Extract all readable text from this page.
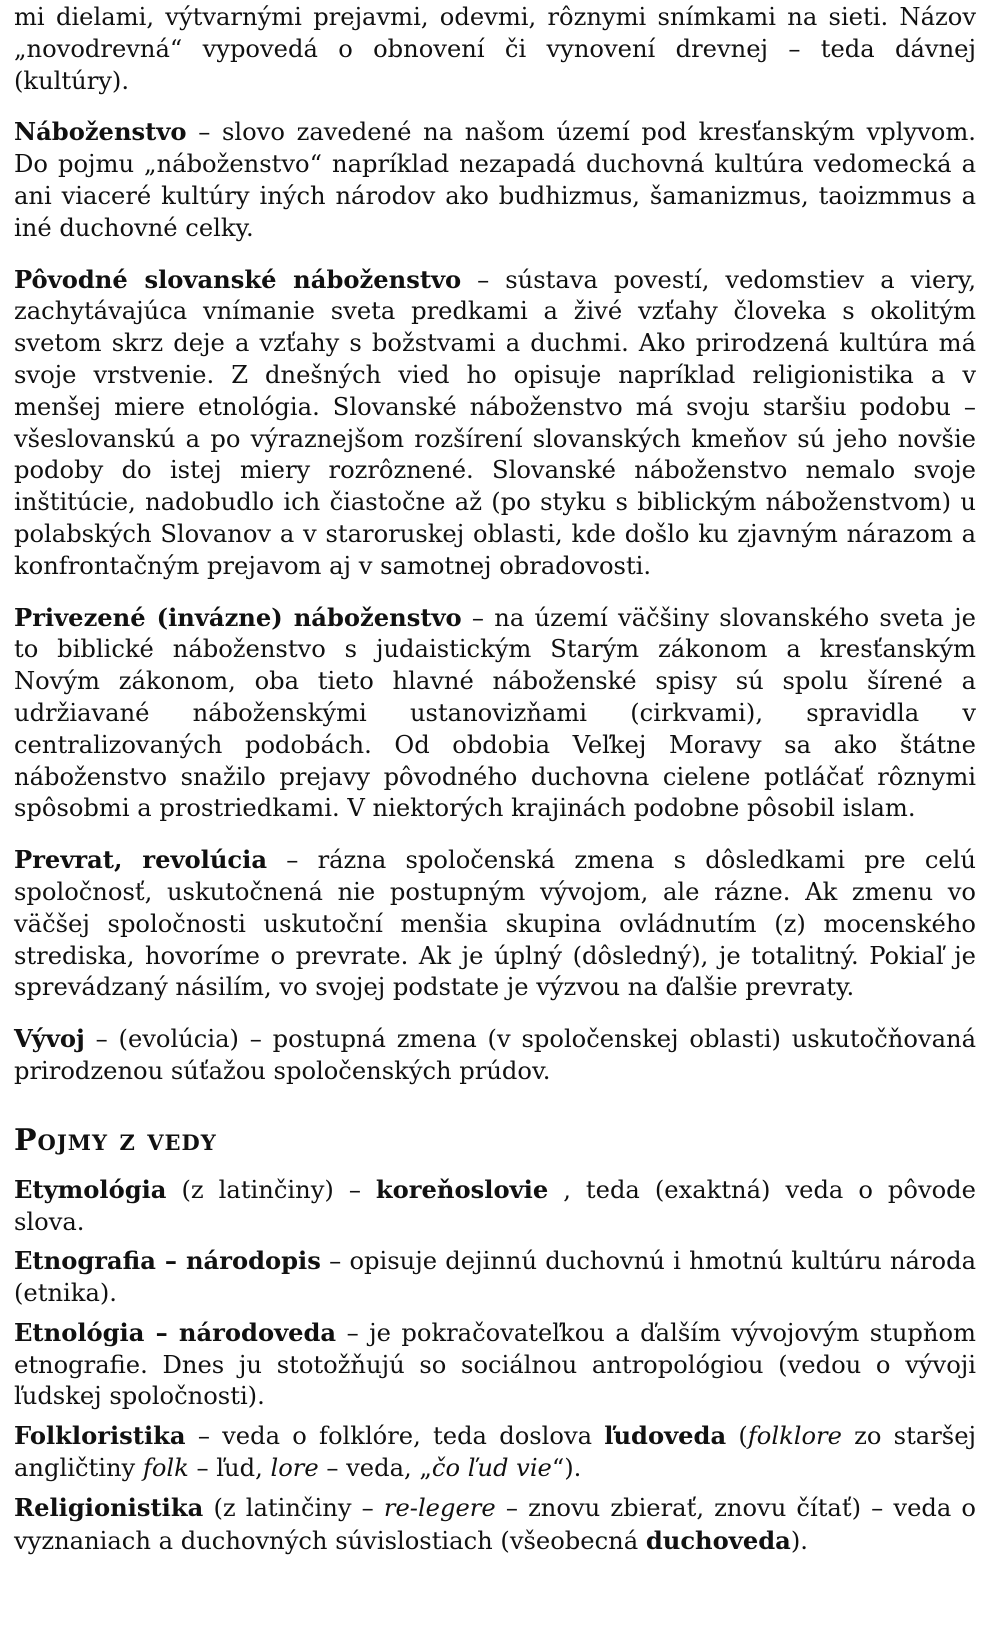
mi dielami, výtvarnými prejavmi, odevmi, rôznymi snímkami na sieti. Názov „novodrevná“ vypovedá o obnovení či vynovení drevnej – teda dávnej (kultúry).

Náboženstvo – slovo zavedené na našom území pod kresťanským vplyvom. Do pojmu „náboženstvo“ napríklad nezapadá duchovná kultúra vedomecká a ani viaceré kultúry iných národov ako budhizmus, šamanizmus, taoizmmus a iné duchovné celky.

Pôvodné slovanské náboženstvo – sústava povestí, vedomstiev a viery, zachytávajúca vnímanie sveta predkami a živé vzťahy človeka s okolitým svetom skrz deje a vzťahy s božstvami a duchmi. Ako prirodzená kultúra má svoje vrstvenie. Z dnešných vied ho opisuje napríklad religionistika a v menšej miere etnológia. Slovanské náboženstvo má svoju staršiu podobu – všeslovanskú a po výraznejšom rozšírení slovanských kmeňov sú jeho novšie podoby do istej miery rozrôznené. Slovanské náboženstvo nemalo svoje inštitúcie, nadobudlo ich čiastočne až (po styku s biblickým náboženstvom) u polabských Slovanov a v staroruskej oblasti, kde došlo ku zjavným nárazom a konfrontačným prejavom aj v samotnej obradovosti.

Privezené (invázne) náboženstvo – na území väčšiny slovanského sveta je to biblické náboženstvo s judaistickým Starým zákonom a kresťanským Novým zákonom, oba tieto hlavné náboženské spisy sú spolu šírené a udržiavané náboženskými ustanovizňami (cirkvami), spravidla v centralizovaných podobách. Od obdobia Veľkej Moravy sa ako štátne náboženstvo snažilo prejavy pôvodného duchovna cielene potláčať rôznymi spôsobmi a prostriedkami. V niektorých krajinách podobne pôsobil islam.

Prevrat, revolúcia – rázna spoločenská zmena s dôsledkami pre celú spoločnosť, uskutočnená nie postupným vývojom, ale rázne. Ak zmenu vo väčšej spoločnosti uskutoční menšia skupina ovládnutím (z) mocenského strediska, hovoríme o prevrate. Ak je úplný (dôsledný), je totalitný. Pokiaľ je sprevádzaný násilím, vo svojej podstate je výzvou na ďalšie prevraty.

Vývoj – (evolúcia) – postupná zmena (v spoločenskej oblasti) uskutočňovaná prirodzenou súťažou spoločenských prúdov.

Pojmy z vedy

Etymológia (z latinčiny) – koreňoslovie , teda (exaktná) veda o pôvode slova.

Etnografia – národopis – opisuje dejinnú duchovnú i hmotnú kultúru národa (etnika).

Etnológia – národoveda – je pokračovateľkou a ďalším vývojovým stupňom etnografie. Dnes ju stotožňujú so sociálnou antropológiou (vedou o vývoji ľudskej spoločnosti).

Folkloristika – veda o folklóre, teda doslova ľudoveda (folklore zo staršej angličtiny folk – ľud, lore – veda, „čo ľud vie“).

Religionistika (z latinčiny – re-legere – znovu zbierať, znovu čítať) – veda o vyznaniach a duchovných súvislostiach (všeobecná duchoveda).
